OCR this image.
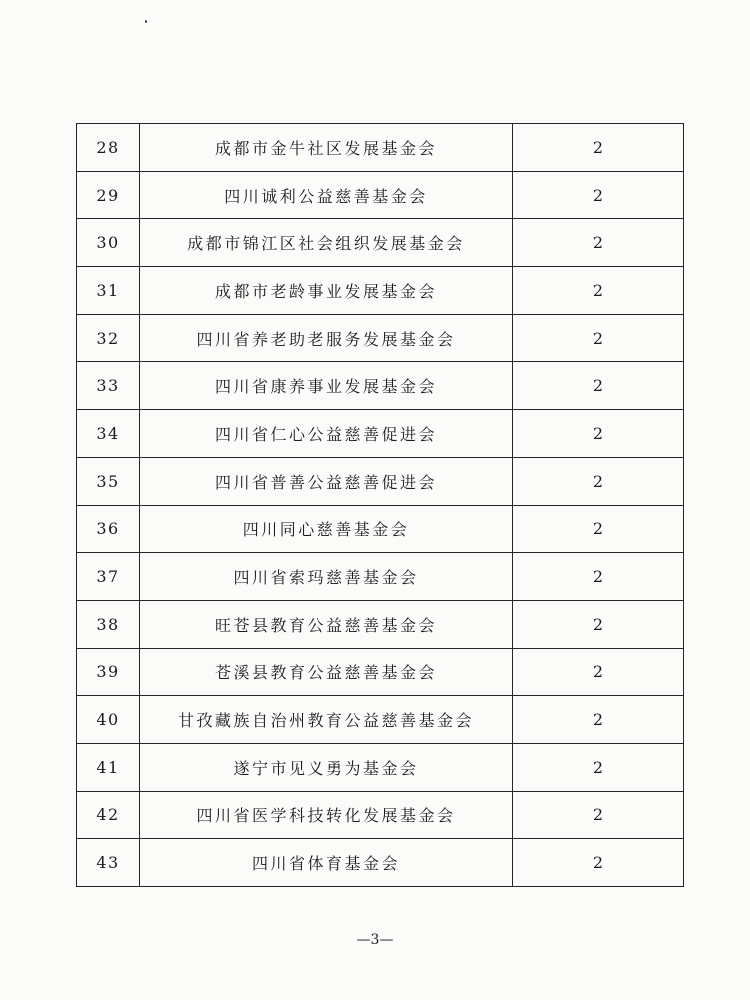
28	成都市金牛社区发展基金会	2
29	四川诚利公益慈善基金会	2
30	成都市锦江区社会组织发展基金会	2
31	成都市老龄事业发展基金会	2
32	四川省养老助老服务发展基金会	2
33	四川省康养事业发展基金会	2
34	四川省仁心公益慈善促进会	2
35	四川省普善公益慈善促进会	2
36	四川同心慈善基金会	2
37	四川省索玛慈善基金会	2
38	旺苍县教育公益慈善基金会	2
39	苍溪县教育公益慈善基金会	2
40	甘孜藏族自治州教育公益慈善基金会	2
41	遂宁市见义勇为基金会	2
42	四川省医学科技转化发展基金会	2
43	四川省体育基金会	2
—3—
